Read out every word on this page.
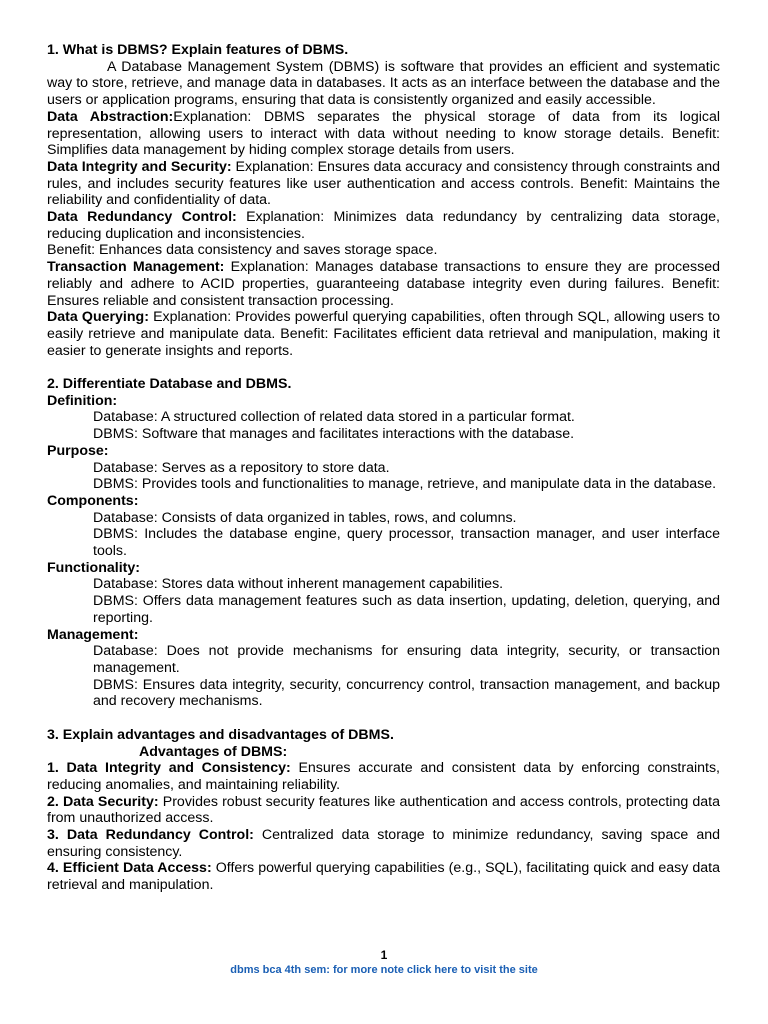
1. What is DBMS? Explain features of DBMS.

A Database Management System (DBMS) is software that provides an efficient and systematic way to store, retrieve, and manage data in databases. It acts as an interface between the database and the users or application programs, ensuring that data is consistently organized and easily accessible.

Data Abstraction:Explanation: DBMS separates the physical storage of data from its logical representation, allowing users to interact with data without needing to know storage details. Benefit: Simplifies data management by hiding complex storage details from users.

Data Integrity and Security: Explanation: Ensures data accuracy and consistency through constraints and rules, and includes security features like user authentication and access controls. Benefit: Maintains the reliability and confidentiality of data.

Data Redundancy Control: Explanation: Minimizes data redundancy by centralizing data storage, reducing duplication and inconsistencies.

Benefit: Enhances data consistency and saves storage space.

Transaction Management: Explanation: Manages database transactions to ensure they are processed reliably and adhere to ACID properties, guaranteeing database integrity even during failures. Benefit: Ensures reliable and consistent transaction processing.

Data Querying: Explanation: Provides powerful querying capabilities, often through SQL, allowing users to easily retrieve and manipulate data. Benefit: Facilitates efficient data retrieval and manipulation, making it easier to generate insights and reports.

2. Differentiate Database and DBMS.

Definition:

Database: A structured collection of related data stored in a particular format.

DBMS: Software that manages and facilitates interactions with the database.

Purpose:

Database: Serves as a repository to store data.

DBMS: Provides tools and functionalities to manage, retrieve, and manipulate data in the database.

Components:

Database: Consists of data organized in tables, rows, and columns.

DBMS: Includes the database engine, query processor, transaction manager, and user interface tools.

Functionality:

Database: Stores data without inherent management capabilities.

DBMS: Offers data management features such as data insertion, updating, deletion, querying, and reporting.

Management:

Database: Does not provide mechanisms for ensuring data integrity, security, or transaction management.

DBMS: Ensures data integrity, security, concurrency control, transaction management, and backup and recovery mechanisms.

3. Explain advantages and disadvantages of DBMS.

Advantages of DBMS:

1. Data Integrity and Consistency: Ensures accurate and consistent data by enforcing constraints, reducing anomalies, and maintaining reliability.

2. Data Security: Provides robust security features like authentication and access controls, protecting data from unauthorized access.

3. Data Redundancy Control: Centralized data storage to minimize redundancy, saving space and ensuring consistency.

4. Efficient Data Access: Offers powerful querying capabilities (e.g., SQL), facilitating quick and easy data retrieval and manipulation.

1
dbms bca 4th sem: for more note click here to visit the site
